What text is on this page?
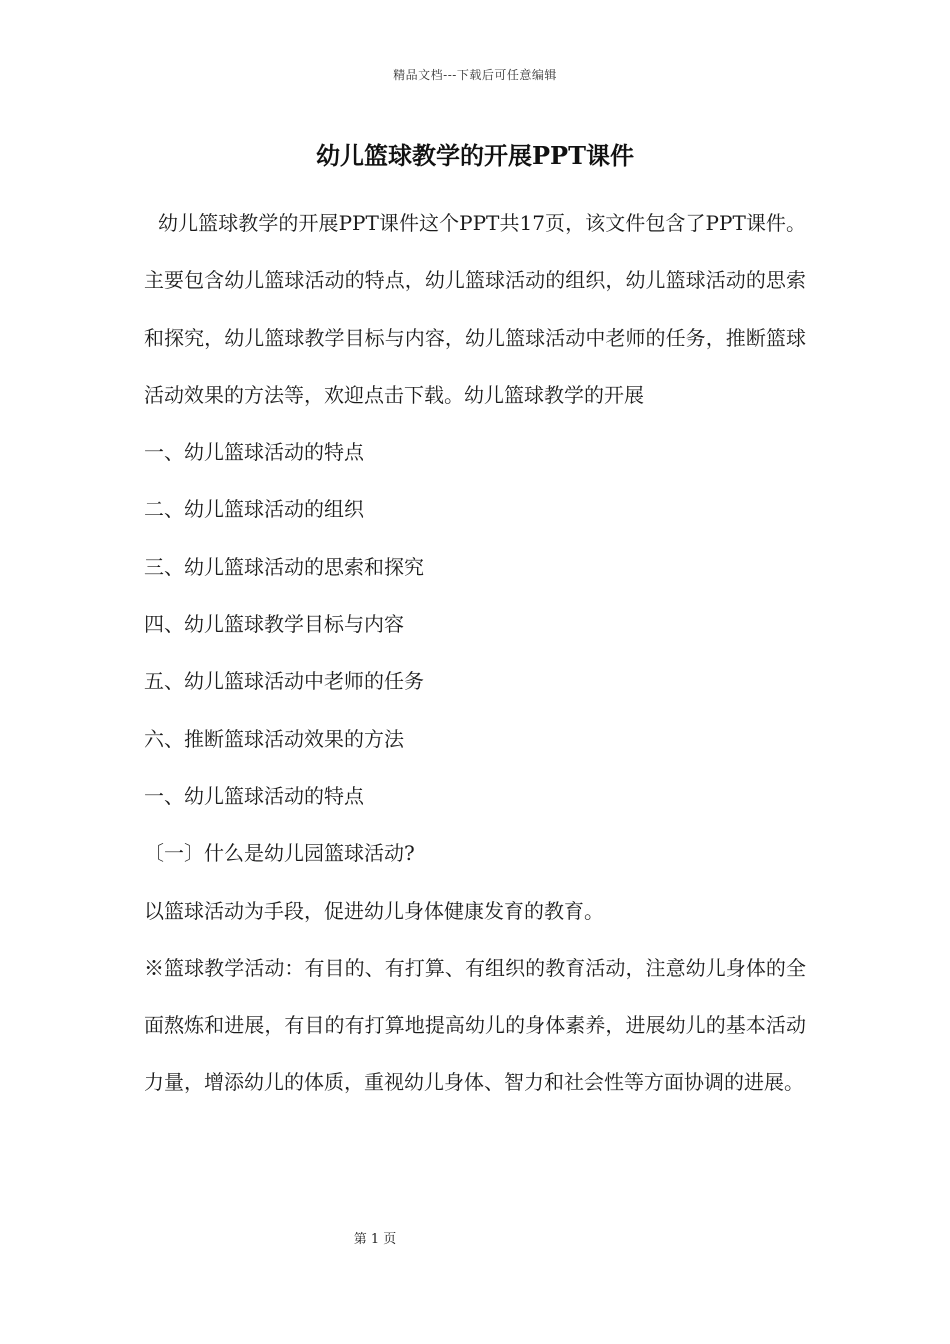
精品文档---下载后可任意编辑
幼儿篮球教学的开展PPT课件

幼儿篮球教学的开展PPT课件这个PPT共17页，该文件包含了PPT课件。主要包含幼儿篮球活动的特点，幼儿篮球活动的组织，幼儿篮球活动的思索和探究，幼儿篮球教学目标与内容，幼儿篮球活动中老师的任务，推断篮球活动效果的方法等，欢迎点击下载。幼儿篮球教学的开展

一、幼儿篮球活动的特点

二、幼儿篮球活动的组织

三、幼儿篮球活动的思索和探究

四、幼儿篮球教学目标与内容

五、幼儿篮球活动中老师的任务

六、推断篮球活动效果的方法

一、幼儿篮球活动的特点

〔一〕什么是幼儿园篮球活动?

以篮球活动为手段，促进幼儿身体健康发育的教育。

※篮球教学活动：有目的、有打算、有组织的教育活动，注意幼儿身体的全面熬炼和进展，有目的有打算地提高幼儿的身体素养，进展幼儿的基本活动力量，增添幼儿的体质，重视幼儿身体、智力和社会性等方面协调的进展。

第 1 页
